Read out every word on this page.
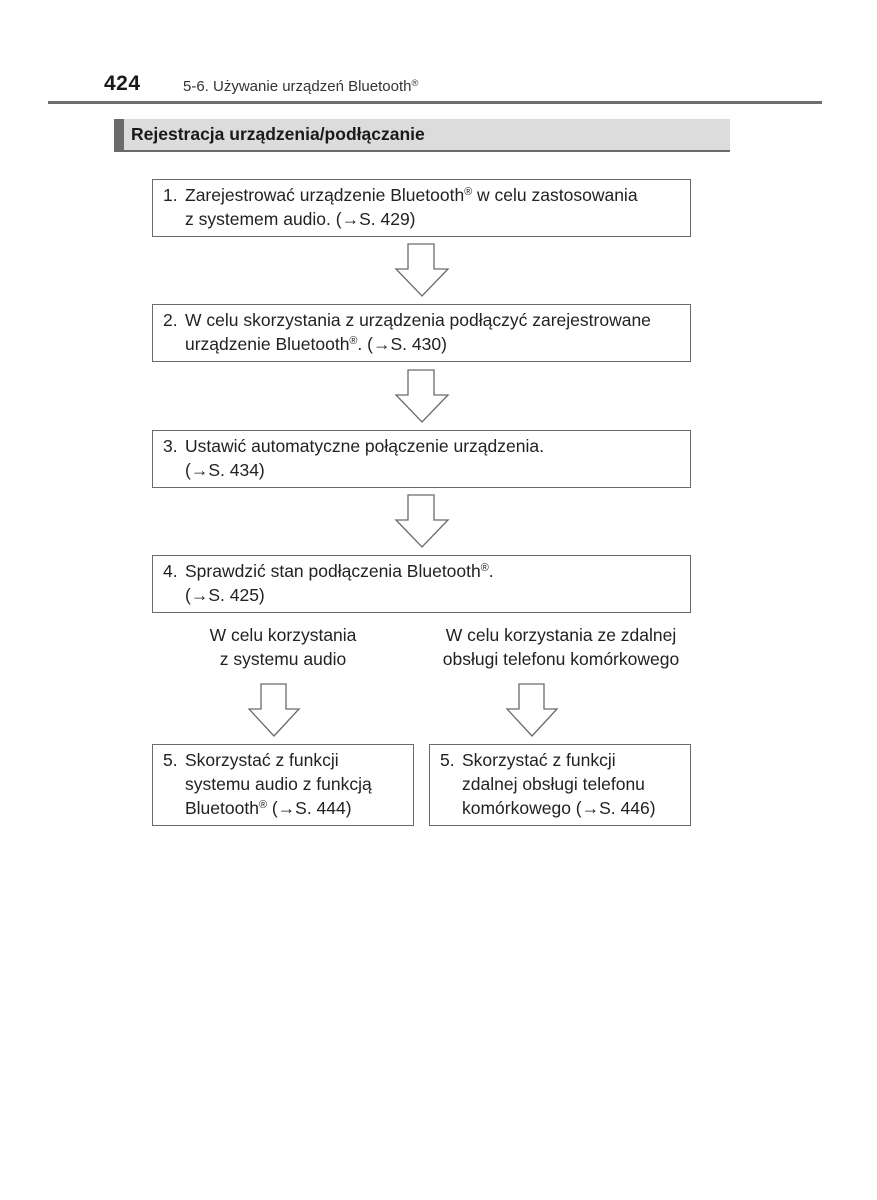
424	5-6. Używanie urządzeń Bluetooth®
Rejestracja urządzenia/podłączanie
1. Zarejestrować urządzenie Bluetooth® w celu zastosowania
z systemem audio. (→S. 429)
2. W celu skorzystania z urządzenia podłączyć zarejestrowane
urządzenie Bluetooth®. (→S. 430)
3. Ustawić automatyczne połączenie urządzenia.
(→S. 434)
4. Sprawdzić stan podłączenia Bluetooth®.
(→S. 425)
W celu korzystania
z systemu audio
W celu korzystania ze zdalnej
obsługi telefonu komórkowego
5. Skorzystać z funkcji
systemu audio z funkcją
Bluetooth® (→S. 444)
5. Skorzystać z funkcji
zdalnej obsługi telefonu
komórkowego (→S. 446)
